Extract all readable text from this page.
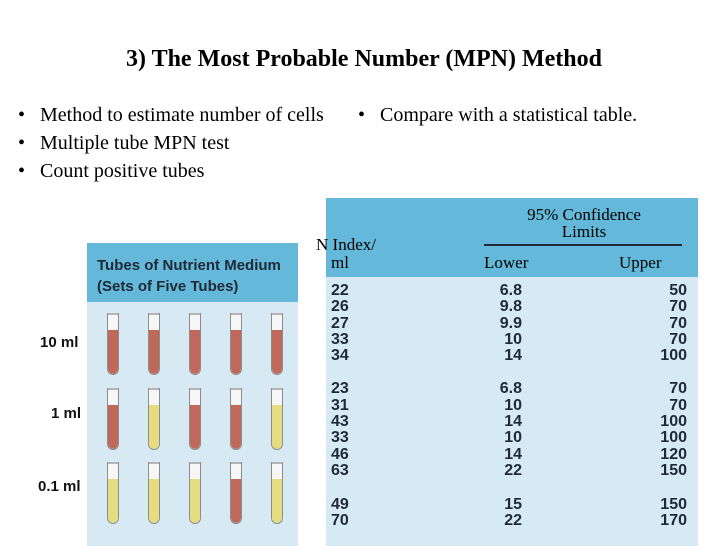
3) The Most Probable Number (MPN) Method
• Method to estimate number of cells
• Multiple tube MPN test
• Count positive tubes
• Compare with a statistical table.
Tubes of Nutrient Medium
(Sets of Five Tubes)
10 ml
1 ml
0.1 ml
95% Confidence
Limits
N Index/
ml	Lower	Upper
22	6.8	50
26	9.8	70
27	9.9	70
33	10	70
34	14	100
23	6.8	70
31	10	70
43	14	100
33	10	100
46	14	120
63	22	150
49	15	150
70	22	170
